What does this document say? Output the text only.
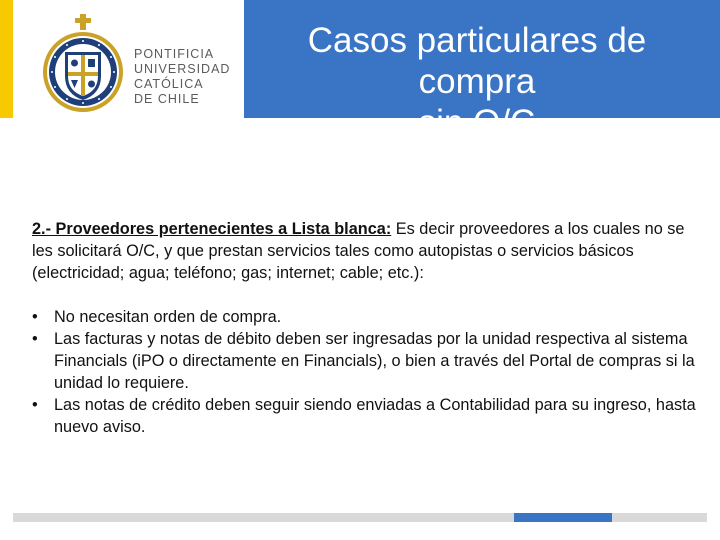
PONTIFICIA
UNIVERSIDAD
CATÓLICA
DE CHILE
Casos particulares de
compra
sin O/C
2.- Proveedores pertenecientes a Lista blanca: Es decir proveedores a los cuales no se les solicitará O/C, y que prestan servicios tales como autopistas o servicios básicos (electricidad; agua; teléfono; gas; internet; cable; etc.):
• No necesitan orden de compra.
• Las facturas y notas de débito deben ser ingresadas por la unidad respectiva al sistema Financials (iPO o directamente en Financials), o bien a través del Portal de compras si la unidad lo requiere.
• Las notas de crédito deben seguir siendo enviadas a Contabilidad para su ingreso, hasta nuevo aviso.
